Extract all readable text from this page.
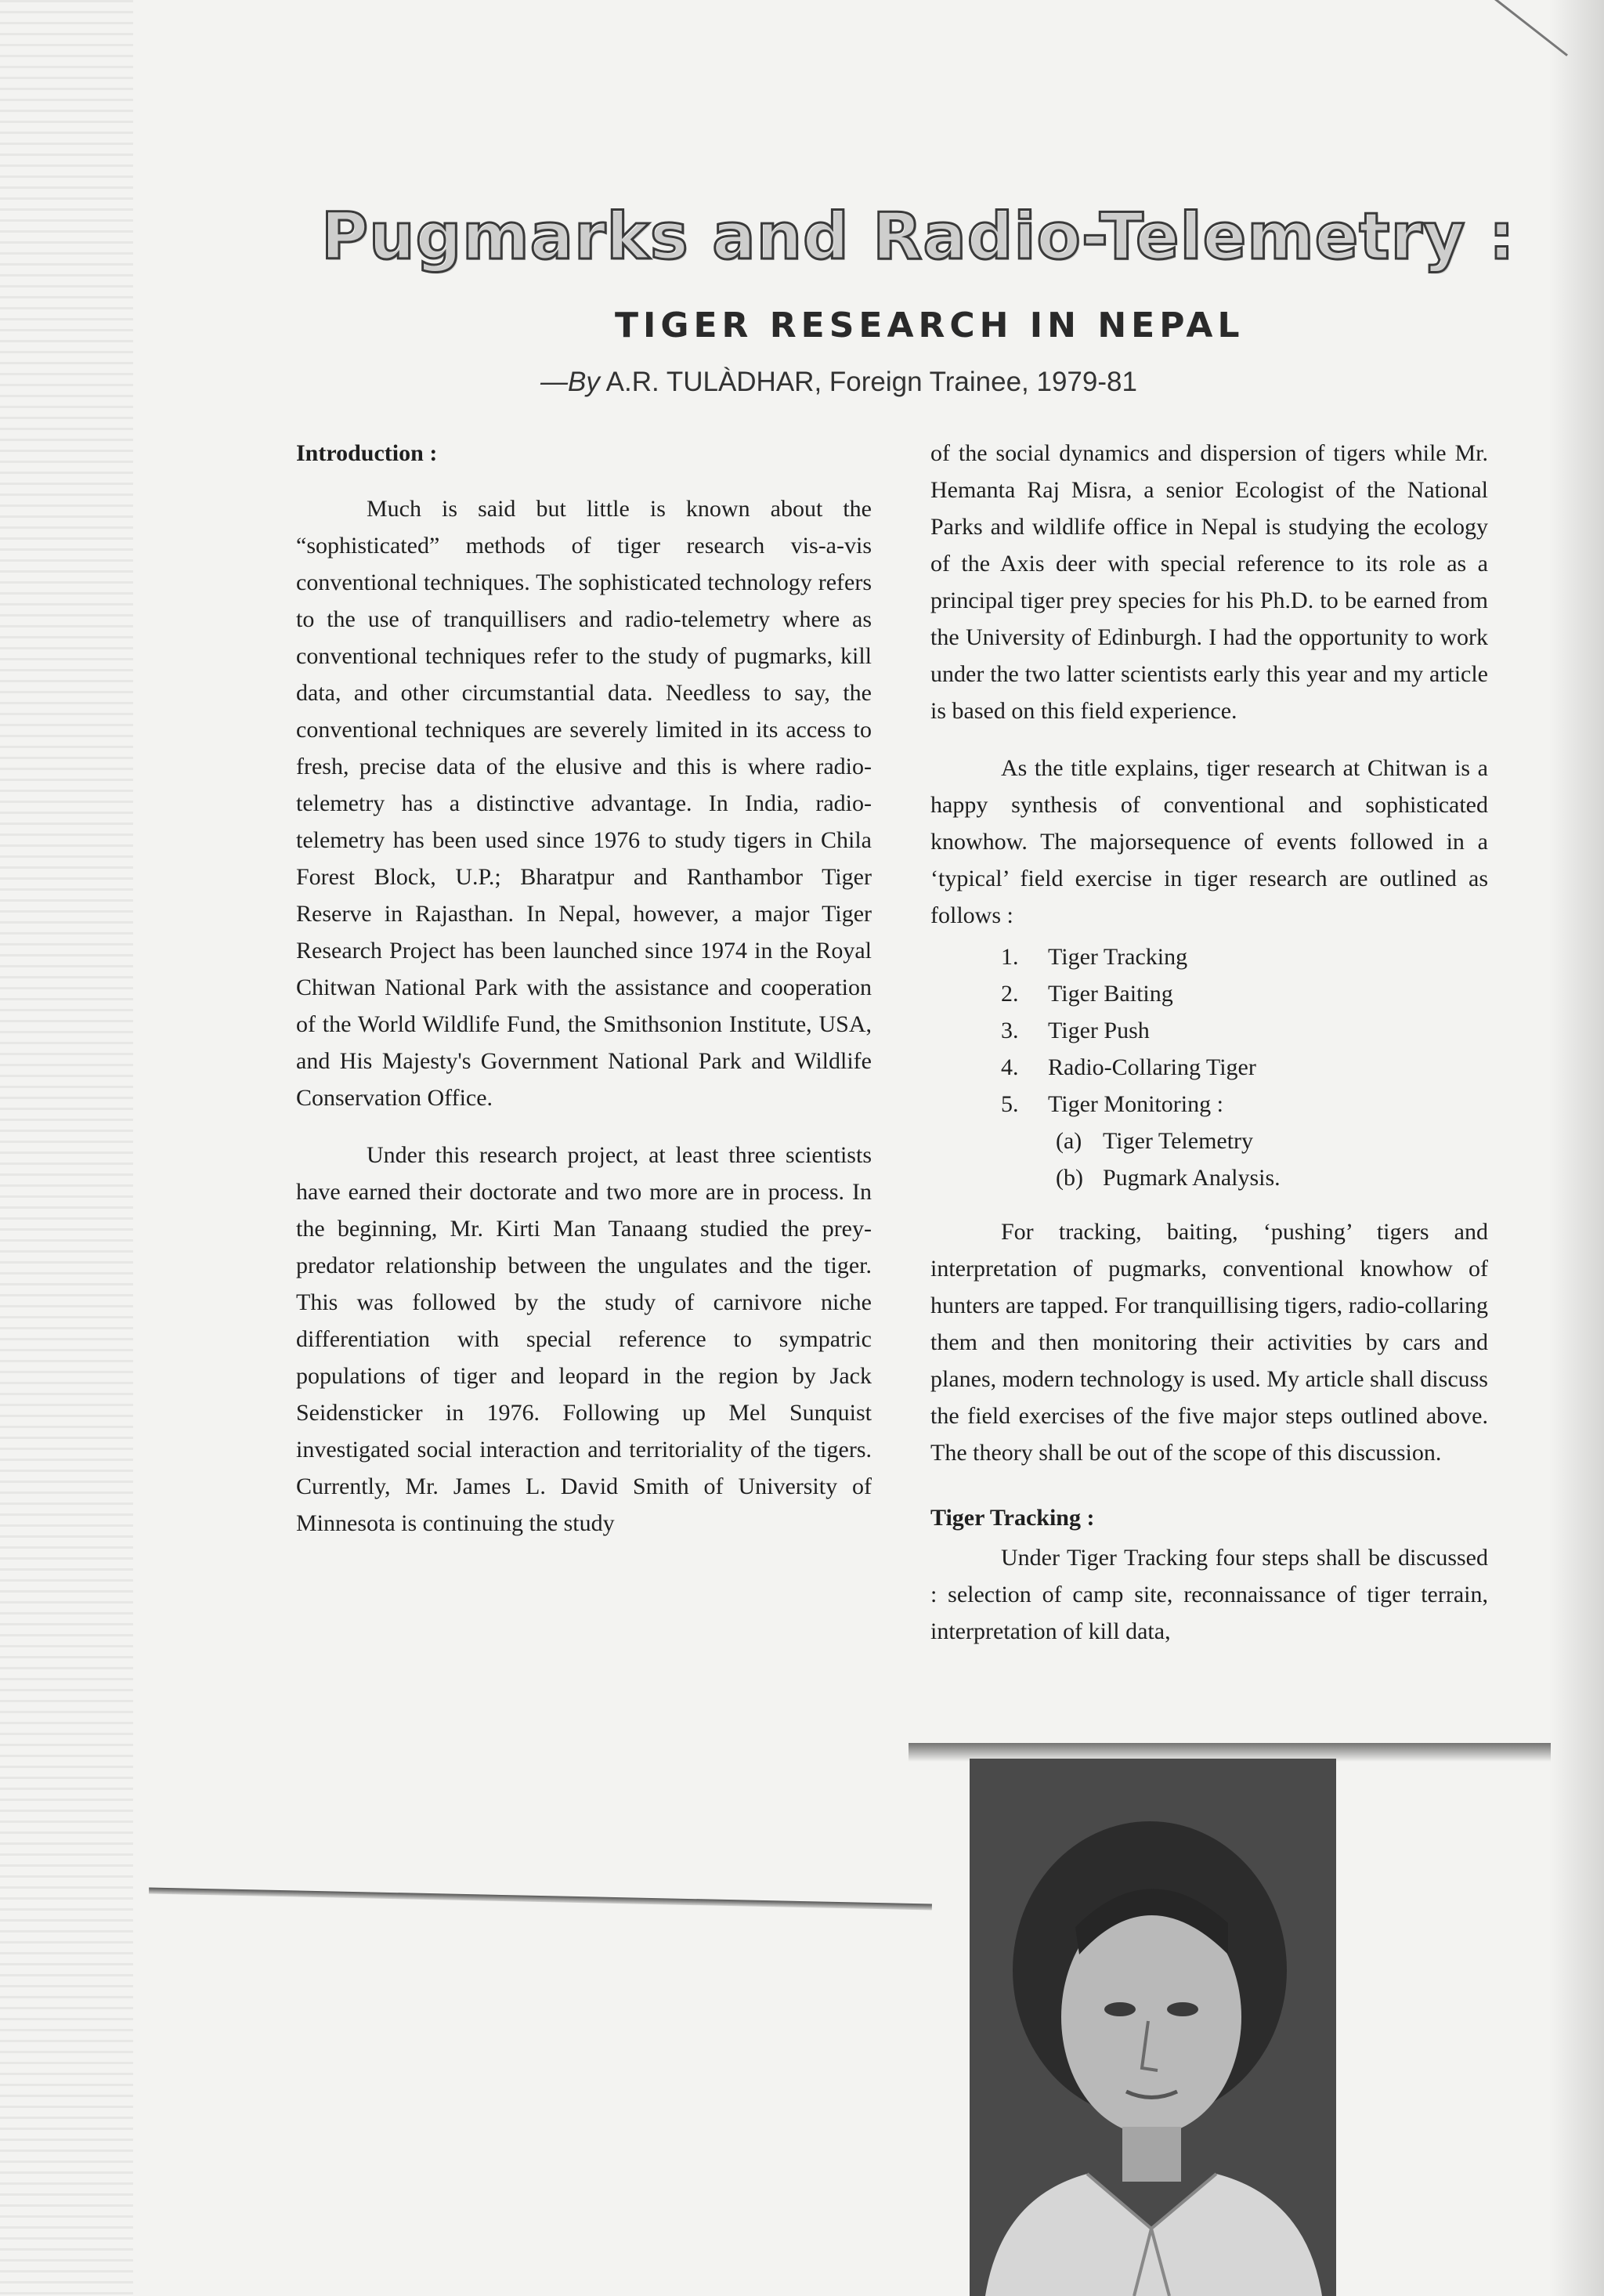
Pugmarks and Radio-Telemetry :
TIGER RESEARCH IN NEPAL
—By A.R. TULÀDHAR, Foreign Trainee, 1979-81
Introduction :

Much is said but little is known about the “sophisticated” methods of tiger research vis-a-vis conventional techniques. The sophisticated technology refers to the use of tranquillisers and radio-telemetry where as conventional techniques refer to the study of pugmarks, kill data, and other circumstantial data. Needless to say, the conventional techniques are severely limited in its access to fresh, precise data of the elusive and this is where radio-telemetry has a distinctive advantage. In India, radio-telemetry has been used since 1976 to study tigers in Chila Forest Block, U.P.; Bharatpur and Ranthambor Tiger Reserve in Rajasthan. In Nepal, however, a major Tiger Research Project has been launched since 1974 in the Royal Chitwan National Park with the assistance and cooperation of the World Wildlife Fund, the Smithsonion Institute, USA, and His Majesty's Government National Park and Wildlife Conservation Office.

Under this research project, at least three scientists have earned their doctorate and two more are in process. In the beginning, Mr. Kirti Man Tanaang studied the prey-predator relationship between the ungulates and the tiger. This was followed by the study of carnivore niche differentiation with special reference to sympatric populations of tiger and leopard in the region by Jack Seidensticker in 1976. Following up Mel Sunquist investigated social interaction and territoriality of the tigers. Currently, Mr. James L. David Smith of University of Minnesota is continuing the study

of the social dynamics and dispersion of tigers while Mr. Hemanta Raj Misra, a senior Ecologist of the National Parks and wildlife office in Nepal is studying the ecology of the Axis deer with special reference to its role as a principal tiger prey species for his Ph.D. to be earned from the University of Edinburgh. I had the opportunity to work under the two latter scientists early this year and my article is based on this field experience.

As the title explains, tiger research at Chitwan is a happy synthesis of conventional and sophisticated knowhow. The majorsequence of events followed in a ‘typical’ field exercise in tiger research are outlined as follows :

1. Tiger Tracking
2. Tiger Baiting
3. Tiger Push
4. Radio-Collaring Tiger
5. Tiger Monitoring :
(a) Tiger Telemetry
(b) Pugmark Analysis.

For tracking, baiting, ‘pushing’ tigers and interpretation of pugmarks, conventional knowhow of hunters are tapped. For tranquillising tigers, radio-collaring them and then monitoring their activities by cars and planes, modern technology is used. My article shall discuss the field exercises of the five major steps outlined above. The theory shall be out of the scope of this discussion.

Tiger Tracking :

Under Tiger Tracking four steps shall be discussed : selection of camp site, reconnaissance of tiger terrain, interpretation of kill data,
